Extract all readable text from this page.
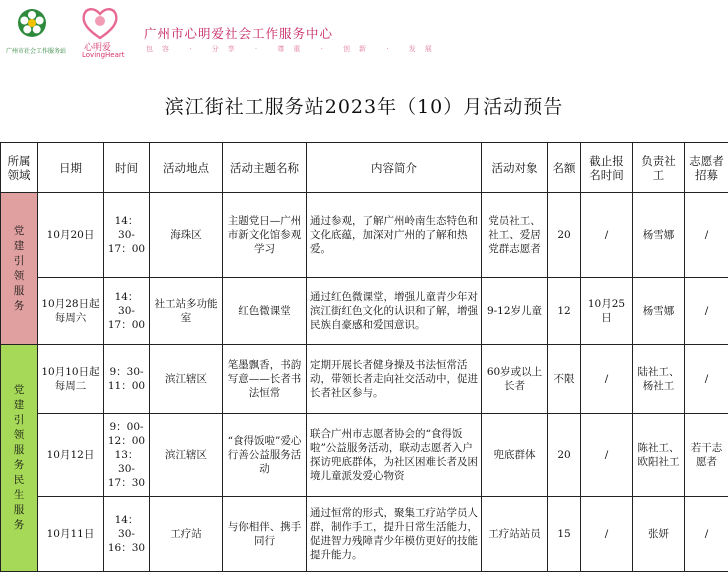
广州市社会工作服务站 心明爱
LovingHeart
广州市心明爱社会工作服务中心
包容 · 分享 · 尊重 · 创新 · 发展
滨江街社工服务站2023年（10）月活动预告
所属领域	日期	时间	活动地点	活动主题名称	内容简介	活动对象	名额	截止报名时间	负责社工	志愿者招募
党建引领服务	10月20日	14：30-17：00	海珠区	主题党日—广州市新文化馆参观学习	通过参观，了解广州岭南生态特色和文化底蕴，加深对广州的了解和热爱。	党员社工、社工、爱居党群志愿者	20	/	杨雪娜	/
	10月28日起每周六	14：30-17：00	社工站多功能室	红色微课堂	通过红色微课堂，增强儿童青少年对滨江街红色文化的认识和了解，增强民族自豪感和爱国意识。	9-12岁儿童	12	10月25日	杨雪娜	/
党建引领服务民生服务	10月10日起每周二	9：30-11：00	滨江辖区	笔墨飘香，书韵写意——长者书法恒常	定期开展长者健身操及书法恒常活动，带领长者走向社交活动中，促进长者社区参与。	60岁或以上长者	不限	/	陆社工、杨社工	/
	10月12日	9：00-12：00 13：30-17：30	滨江辖区	“食得饭啦”爱心行善公益服务活动	联合广州市志愿者协会的“食得饭啦”公益服务活动，联动志愿者入户探访兜底群体，为社区困难长者及困境儿童派发爱心物资	兜底群体	20	/	陈社工、欧阳社工	若干志愿者
	10月11日	14：30-16：30	工疗站	与你相伴、携手同行	通过恒常的形式，聚集工疗站学员人群，制作手工，提升日常生活能力，促进智力残障青少年模仿更好的技能提升能力。	工疗站站员	15	/	张妍	/
